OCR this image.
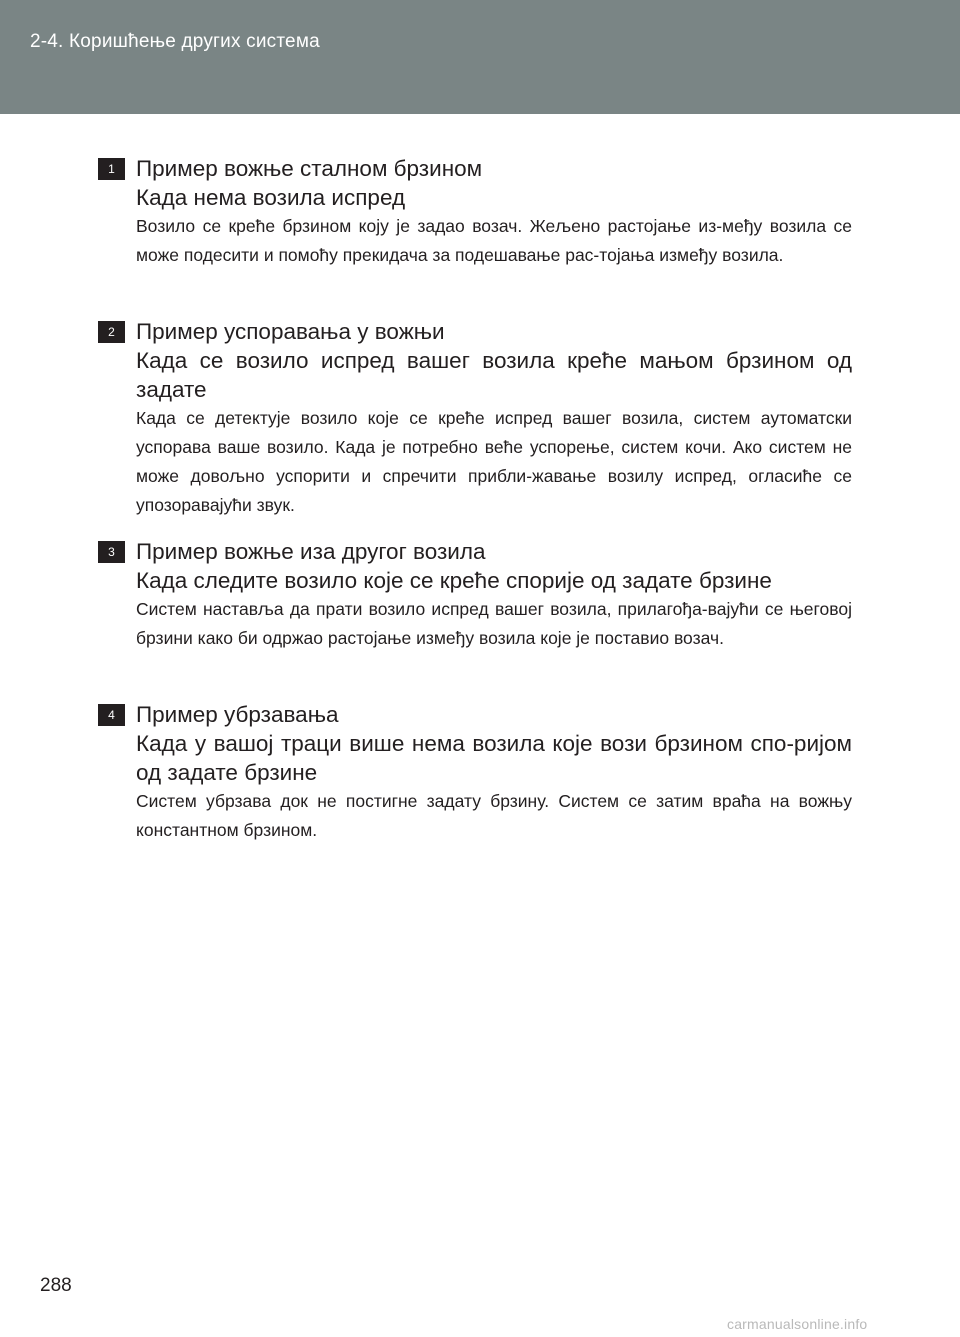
2-4. Коришћење других система
1 Пример вожње сталном брзином

Када нема возила испред

Возило се креће брзином коју је задао возач. Жељено растојање из-међу возила се може подесити и помоћу прекидача за подешавање рас-тојања између возила.

2 Пример успоравања у вожњи

Када се возило испред вашег возила креће мањом брзином од задате

Када се детектује возило које се креће испред вашег возила, систем аутоматски успорава ваше возило. Када је потребно веће успорење, систем кочи. Ако систем не може довољно успорити и спречити прибли-жавање возилу испред, огласиће се упозоравајући звук.

3 Пример вожње иза другог возила

Када следите возило које се креће спорије од задате брзине

Систем наставља да прати возило испред вашег возила, прилагођа-вајући се његовој брзини како би одржао растојање између возила које је поставио возач.

4 Пример убрзавања

Када у вашој траци више нема возила које вози брзином спо-ријом од задате брзине

Систем убрзава док не постигне задату брзину. Систем се затим враћа на вожњу константном брзином.

288
carmanualsonline.info
